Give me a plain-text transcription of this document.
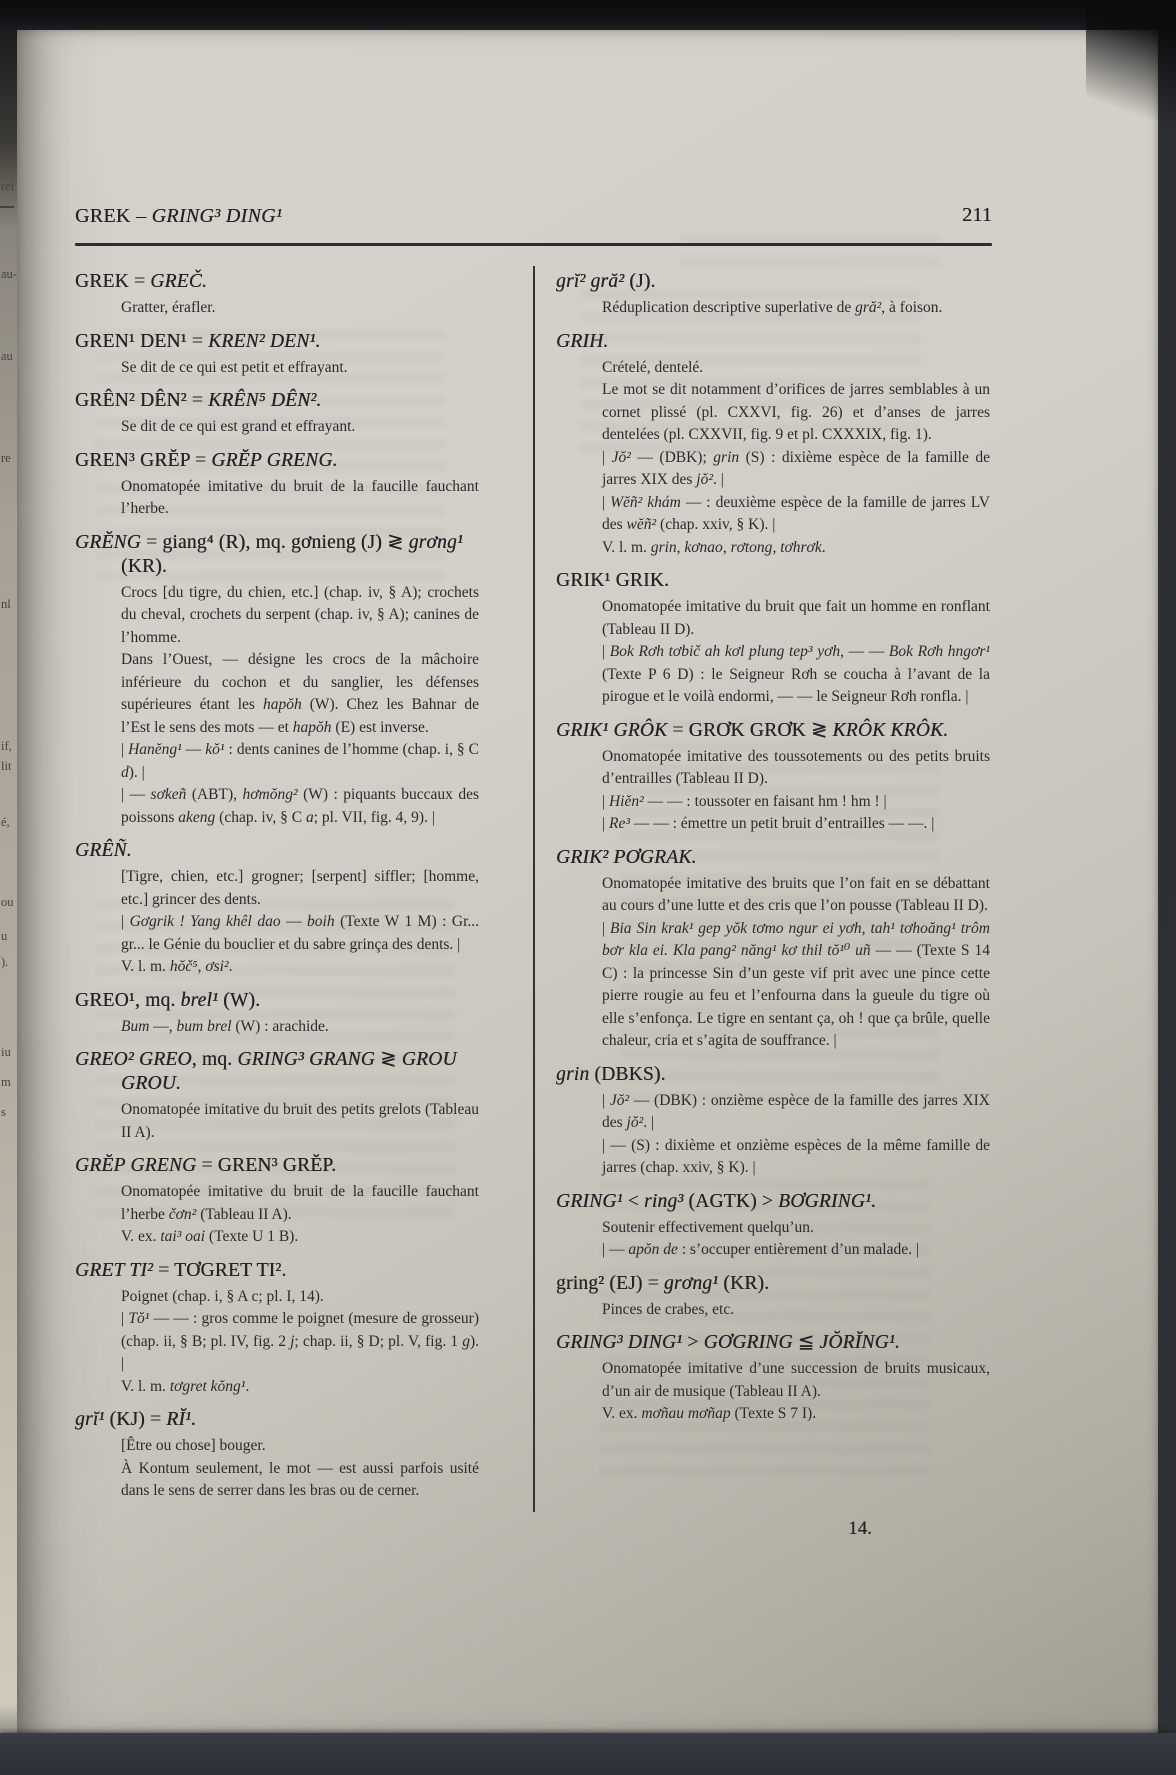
GREK – GRING³ DING¹	211
GREK = GREČ.
Gratter, érafler.
GREN¹ DEN¹ = KREN² DEN¹.
Se dit de ce qui est petit et effrayant.
GRÊN² DÊN² = KRÊN⁵ DÊN².
Se dit de ce qui est grand et effrayant.
GREN³ GRĔP = GRĔP GRENG.
Onomatopée imitative du bruit de la faucille fauchant l’herbe.
GRĔNG = giang⁴ (R), mq. gơnieng (J) ≷ grơng¹ (KR).
Crocs [du tigre, du chien, etc.] (chap. iv, § A); crochets du cheval, crochets du serpent (chap. iv, § A); canines de l’homme.
Dans l’Ouest, — désigne les crocs de la mâchoire inférieure du cochon et du sanglier, les défenses supérieures étant les hapŏh (W). Chez les Bahnar de l’Est le sens des mots — et hapŏh (E) est inverse.
| Hanĕng¹ — kŏ¹ : dents canines de l’homme (chap. i, § C d). |
| — sơkeñ (ABT), hơmŏng² (W) : piquants buccaux des poissons akeng (chap. iv, § C a; pl. VII, fig. 4, 9). |
GRÊÑ.
[Tigre, chien, etc.] grogner; [serpent] siffler; [homme, etc.] grincer des dents.
| Gơgrik ! Yang khêl dao — boih (Texte W 1 M) : Gr... gr... le Génie du bouclier et du sabre grinça des dents. |
V. l. m. hŏč⁵, ơsi².
GREO¹, mq. brel¹ (W).
Bum —, bum brel (W) : arachide.
GREO² GREO, mq. GRING³ GRANG ≷ GROU GROU.
Onomatopée imitative du bruit des petits grelots (Tableau II A).
GRĔP GRENG = GREN³ GRĔP.
Onomatopée imitative du bruit de la faucille fauchant l’herbe čơn² (Tableau II A).
V. ex. tai³ oai (Texte U 1 B).
GRET TI² = TƠGRET TI².
Poignet (chap. i, § A c; pl. I, 14).
| Tŏ¹ — — : gros comme le poignet (mesure de grosseur) (chap. ii, § B; pl. IV, fig. 2 j; chap. ii, § D; pl. V, fig. 1 g). |
V. l. m. tơgret kŏng¹.
grĭ¹ (KJ) = RĬ¹.
[Être ou chose] bouger.
À Kontum seulement, le mot — est aussi parfois usité dans le sens de serrer dans les bras ou de cerner.
grĭ² gră² (J).
Réduplication descriptive superlative de gră², à foison.
GRIH.
Crételé, dentelé.
Le mot se dit notamment d’orifices de jarres semblables à un cornet plissé (pl. CXXVI, fig. 26) et d’anses de jarres dentelées (pl. CXXVII, fig. 9 et pl. CXXXIX, fig. 1).
| Jŏ² — (DBK); grin (S) : dixième espèce de la famille de jarres XIX des jŏ². |
| Wĕñ² khám — : deuxième espèce de la famille de jarres LV des wĕñ² (chap. xxiv, § K). |
V. l. m. grin, kơnao, rơtong, tơhrơk.
GRIK¹ GRIK.
Onomatopée imitative du bruit que fait un homme en ronflant (Tableau II D).
| Bok Rơh tơbič ah kơl plung tep³ yơh, — — Bok Rơh hngơr¹ (Texte P 6 D) : le Seigneur Rơh se coucha à l’avant de la pirogue et le voilà endormi, — — le Seigneur Rơh ronfla. |
GRIK¹ GRÔK = GRƠK GRƠK ≷ KRÔK KRÔK.
Onomatopée imitative des toussotements ou des petits bruits d’entrailles (Tableau II D).
| Hiĕn² — — : toussoter en faisant hm ! hm ! |
| Re³ — — : émettre un petit bruit d’entrailles — —. |
GRIK² PƠGRAK.
Onomatopée imitative des bruits que l’on fait en se débattant au cours d’une lutte et des cris que l’on pousse (Tableau II D).
| Bia Sin krak¹ gep yŏk tơmo ngur ei yơh, tah¹ tơhoăng¹ trôm bơr kla ei. Kla pang² năng¹ kơ thil tŏ¹⁰ uñ — — (Texte S 14 C) : la princesse Sin d’un geste vif prit avec une pince cette pierre rougie au feu et l’enfourna dans la gueule du tigre où elle s’enfonça. Le tigre en sentant ça, oh ! que ça brûle, quelle chaleur, cria et s’agita de souffrance. |
grin (DBKS).
| Jŏ² — (DBK) : onzième espèce de la famille des jarres XIX des jŏ². |
| — (S) : dixième et onzième espèces de la même famille de jarres (chap. xxiv, § K). |
GRING¹ < ring³ (AGTK) > BƠGRING¹.
Soutenir effectivement quelqu’un.
| — apŏn de : s’occuper entièrement d’un malade. |
gring² (EJ) = grơng¹ (KR).
Pinces de crabes, etc.
GRING³ DING¹ > GƠGRING ≦ JŎRĬNG¹.
Onomatopée imitative d’une succession de bruits musicaux, d’un air de musique (Tableau II A).
V. ex. mơñau mơñap (Texte S 7 I).
14.
rei
au-
au
re
nl
if,
lit
é,
ou
u
).
iu
m
s
